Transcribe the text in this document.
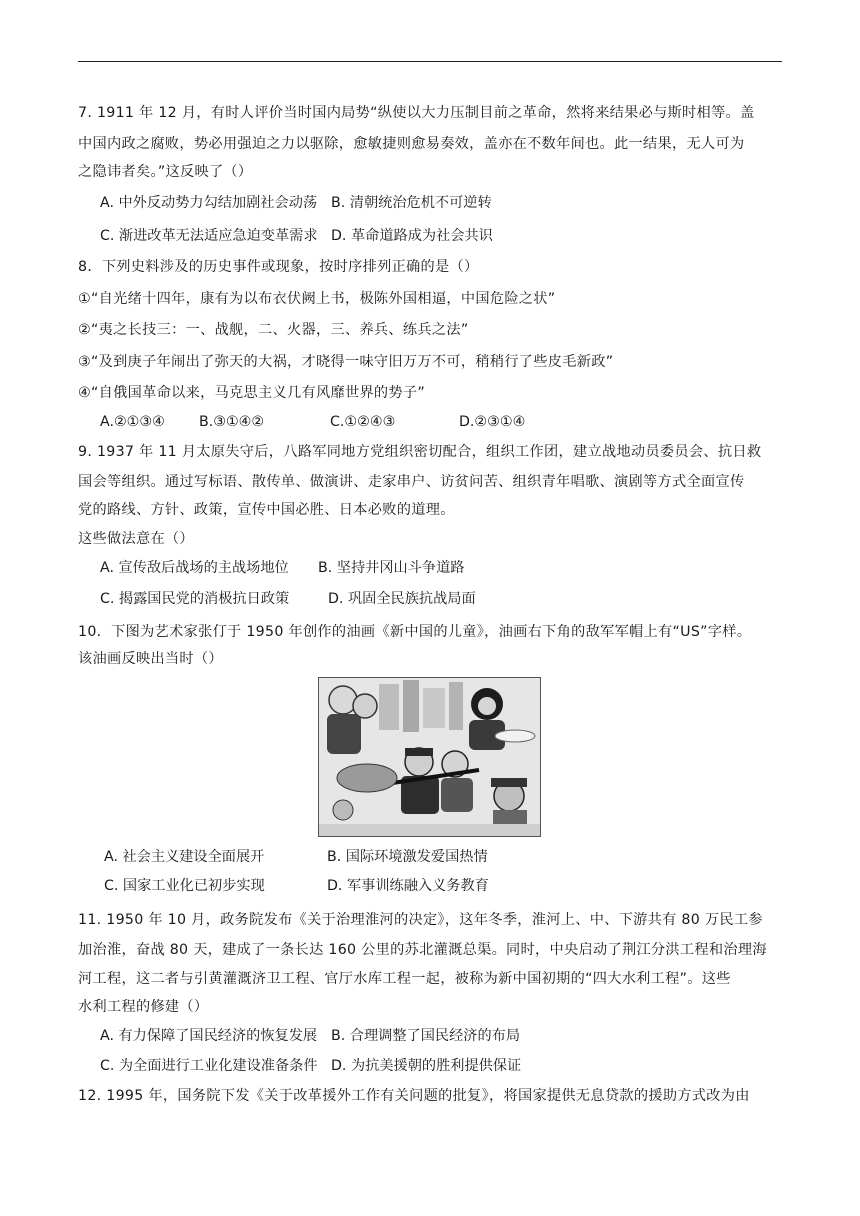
7. 1911 年 12 月，有时人评价当时国内局势“纵使以大力压制目前之革命，然将来结果必与斯时相等。盖
中国内政之腐败，势必用强迫之力以驱除，愈敏捷则愈易奏效，盖亦在不数年间也。此一结果，无人可为
之隐讳者矣。”这反映了（）
A. 中外反动势力勾结加剧社会动荡 B. 清朝统治危机不可逆转
C. 渐进改革无法适应急迫变革需求 D. 革命道路成为社会共识
8．下列史料涉及的历史事件或现象，按时序排列正确的是（）
①“自光绪十四年，康有为以布衣伏阙上书，极陈外国相逼，中国危险之状”
②“夷之长技三：一、战舰，二、火器，三、养兵、练兵之法”
③“及到庚子年闹出了弥天的大祸，才晓得一味守旧万万不可，稍稍行了些皮毛新政”
④“自俄国革命以来，马克思主义几有风靡世界的势子”
A.②①③④ B.③①④②	C.①②④③	D.②③①④
9. 1937 年 11 月太原失守后，八路军同地方党组织密切配合，组织工作团，建立战地动员委员会、抗日救
国会等组织。通过写标语、散传单、做演讲、走家串户、访贫问苦、组织青年唱歌、演剧等方式全面宣传
党的路线、方针、政策，宣传中国必胜、日本必败的道理。
这些做法意在（）
A. 宣传敌后战场的主战场地位 B. 坚持井冈山斗争道路
C. 揭露国民党的消极抗日政策	D. 巩固全民族抗战局面
10．下图为艺术家张仃于 1950 年创作的油画《新中国的儿童》，油画右下角的敌军军帽上有“US”字样。
该油画反映出当时（）
A. 社会主义建设全面展开	B. 国际环境激发爱国热情
C. 国家工业化已初步实现	D. 军事训练融入义务教育
11. 1950 年 10 月，政务院发布《关于治理淮河的决定》，这年冬季，淮河上、中、下游共有 80 万民工参
加治淮，奋战 80 天，建成了一条长达 160 公里的苏北灌溉总渠。同时，中央启动了荆江分洪工程和治理海
河工程，这二者与引黄灌溉济卫工程、官厅水库工程一起，被称为新中国初期的“四大水利工程”。这些
水利工程的修建（）
A. 有力保障了国民经济的恢复发展 B. 合理调整了国民经济的布局
C. 为全面进行工业化建设准备条件 D. 为抗美援朝的胜利提供保证
12. 1995 年，国务院下发《关于改革援外工作有关问题的批复》，将国家提供无息贷款的援助方式改为由
